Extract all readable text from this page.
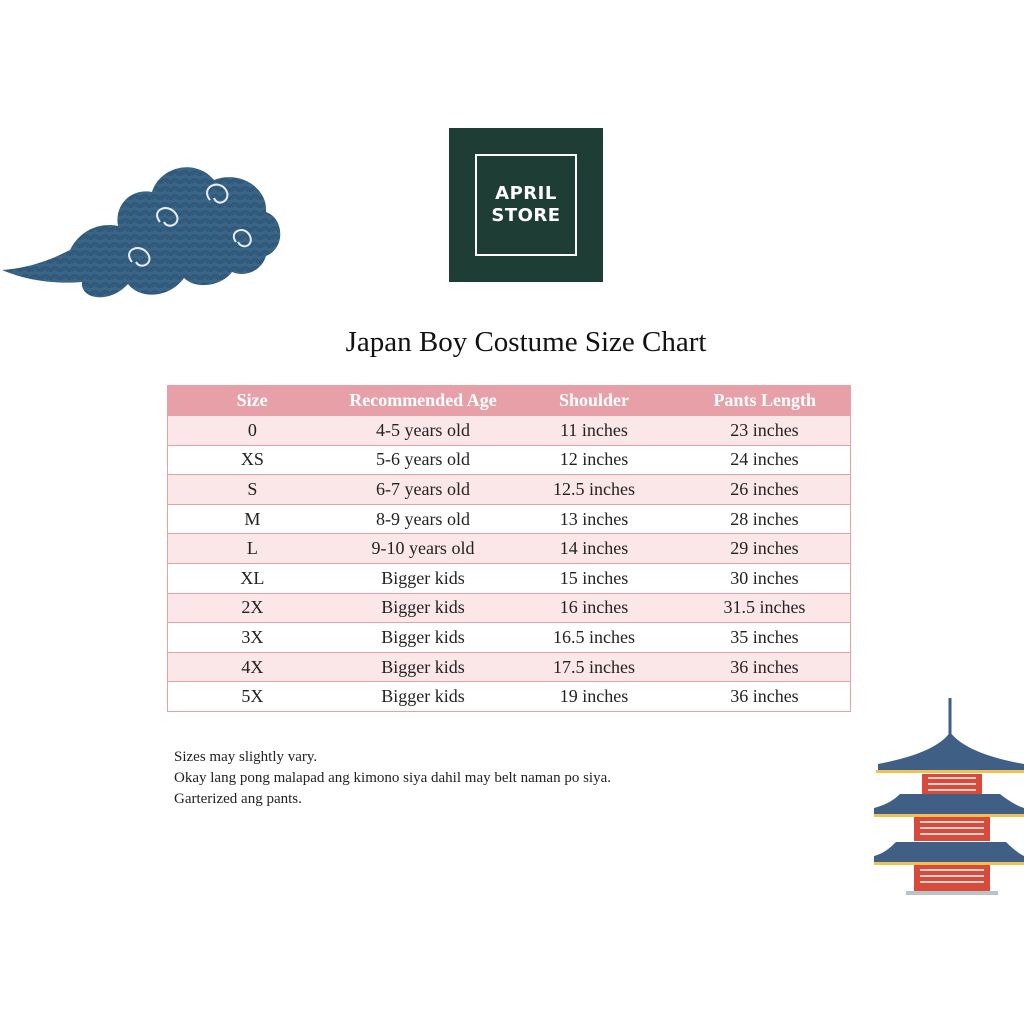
APRIL
STORE
Japan Boy Costume Size Chart
Size	Recommended Age	Shoulder	Pants Length
0	4-5 years old	11 inches	23 inches
XS	5-6 years old	12 inches	24 inches
S	6-7 years old	12.5 inches	26 inches
M	8-9 years old	13 inches	28 inches
L	9-10 years old	14 inches	29 inches
XL	Bigger kids	15 inches	30 inches
2X	Bigger kids	16 inches	31.5 inches
3X	Bigger kids	16.5 inches	35 inches
4X	Bigger kids	17.5 inches	36 inches
5X	Bigger kids	19 inches	36 inches
Sizes may slightly vary.
Okay lang pong malapad ang kimono siya dahil may belt naman po siya.
Garterized ang pants.
